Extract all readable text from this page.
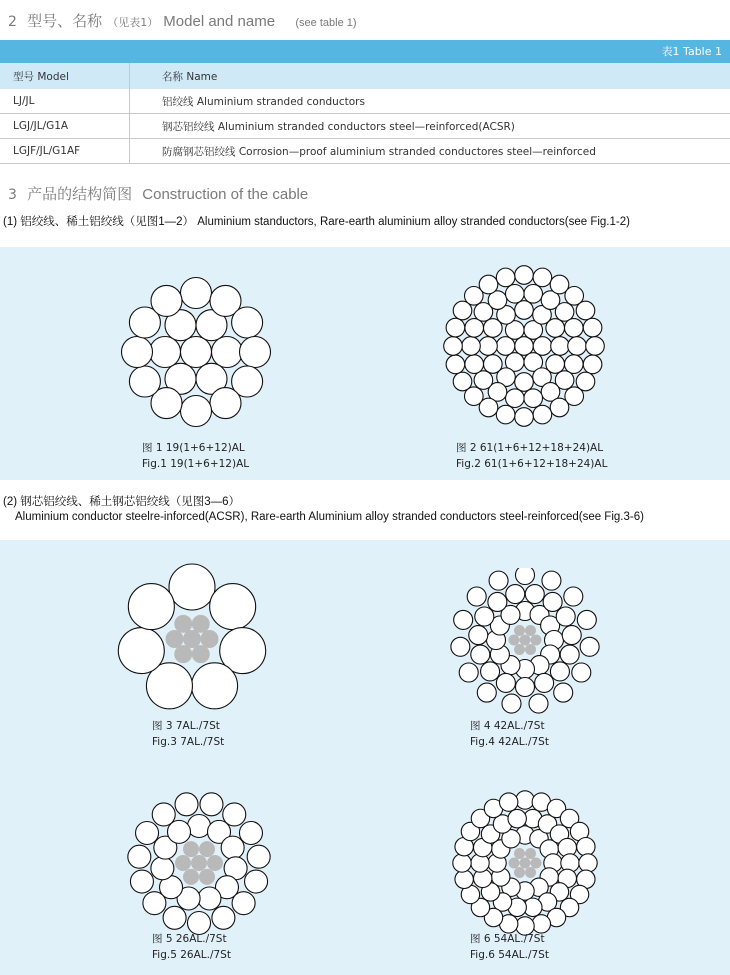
2 型号、名称 （见表1） Model and name (see table 1)
表1 Table 1
型号 Model	名称 Name
LJ/JL	铝绞线 Aluminium stranded conductors
LGJ/JL/G1A	钢芯铝绞线 Aluminium stranded conductors steel—reinforced(ACSR)
LGJF/JL/G1AF	防腐钢芯铝绞线 Corrosion—proof aluminium stranded conductores steel—reinforced
3 产品的结构简图 Construction of the cable
(1) 铝绞线、稀土铝绞线（见图1—2） Aluminium stanductors, Rare-earth aluminium alloy stranded conductors(see Fig.1-2)
图 1 19(1+6+12)AL
Fig.1 19(1+6+12)AL
图 2 61(1+6+12+18+24)AL
Fig.2 61(1+6+12+18+24)AL
(2) 钢芯铝绞线、稀土钢芯铝绞线（见图3—6）
Aluminium conductor steelre-inforced(ACSR), Rare-earth Aluminium alloy stranded conductors steel-reinforced(see Fig.3-6)
图 3 7AL./7St
Fig.3 7AL./7St
图 4 42AL./7St
Fig.4 42AL./7St
图 5 26AL./7St
Fig.5 26AL./7St
图 6 54AL./7St
Fig.6 54AL./7St
